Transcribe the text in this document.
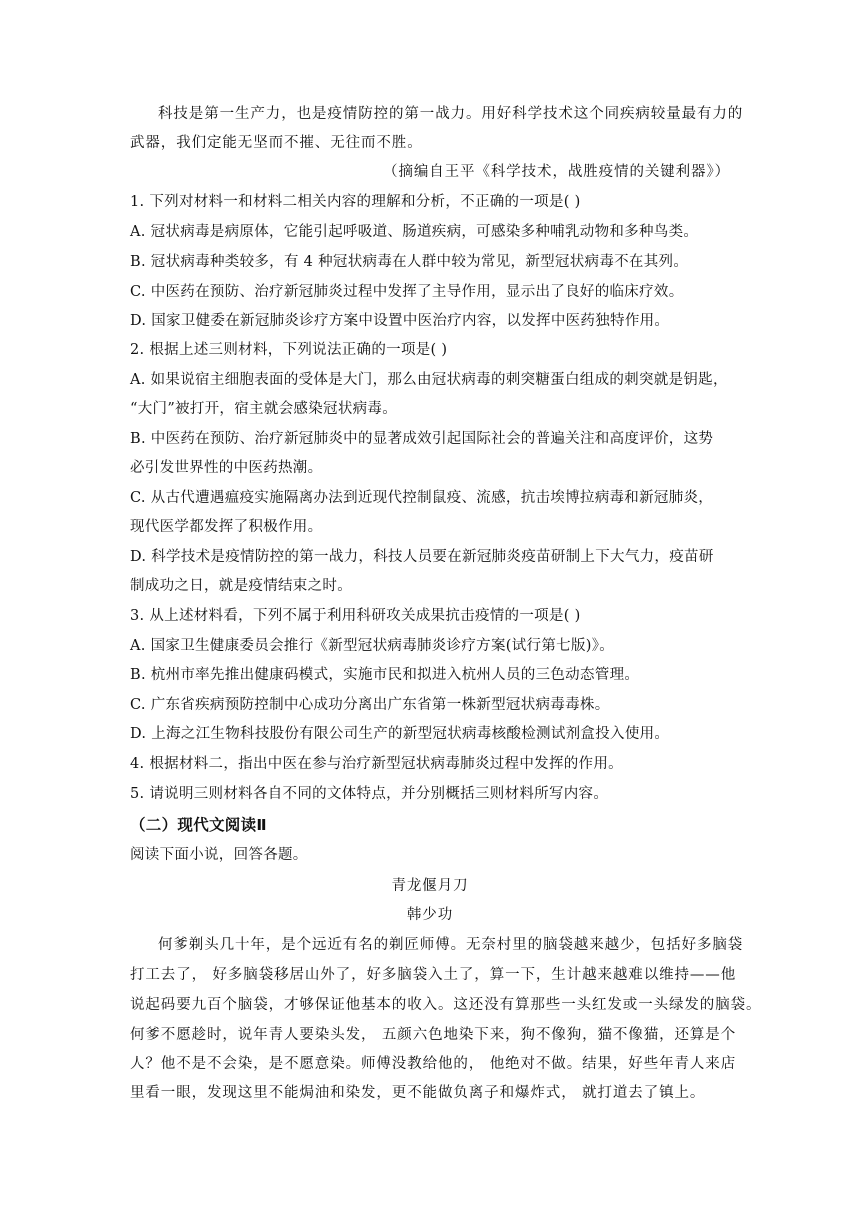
科技是第一生产力，也是疫情防控的第一战力。用好科学技术这个同疾病较量最有力的
武器，我们定能无坚而不摧、无往而不胜。
（摘编自王平《科学技术，战胜疫情的关键利器》）
1. 下列对材料一和材料二相关内容的理解和分析，不正确的一项是( )
A. 冠状病毒是病原体，它能引起呼吸道、肠道疾病，可感染多种哺乳动物和多种鸟类。
B. 冠状病毒种类较多，有 4 种冠状病毒在人群中较为常见，新型冠状病毒不在其列。
C. 中医药在预防、治疗新冠肺炎过程中发挥了主导作用，显示出了良好的临床疗效。
D. 国家卫健委在新冠肺炎诊疗方案中设置中医治疗内容，以发挥中医药独特作用。
2. 根据上述三则材料，下列说法正确的一项是( )
A. 如果说宿主细胞表面的受体是大门，那么由冠状病毒的刺突糖蛋白组成的刺突就是钥匙，
“大门”被打开，宿主就会感染冠状病毒。
B. 中医药在预防、治疗新冠肺炎中的显著成效引起国际社会的普遍关注和高度评价，这势
必引发世界性的中医药热潮。
C. 从古代遭遇瘟疫实施隔离办法到近现代控制鼠疫、流感，抗击埃博拉病毒和新冠肺炎，
现代医学都发挥了积极作用。
D. 科学技术是疫情防控的第一战力，科技人员要在新冠肺炎疫苗研制上下大气力，疫苗研
制成功之日，就是疫情结束之时。
3. 从上述材料看，下列不属于利用科研攻关成果抗击疫情的一项是( )
A. 国家卫生健康委员会推行《新型冠状病毒肺炎诊疗方案(试行第七版)》。
B. 杭州市率先推出健康码模式，实施市民和拟进入杭州人员的三色动态管理。
C. 广东省疾病预防控制中心成功分离出广东省第一株新型冠状病毒毒株。
D. 上海之江生物科技股份有限公司生产的新型冠状病毒核酸检测试剂盒投入使用。
4. 根据材料二，指出中医在参与治疗新型冠状病毒肺炎过程中发挥的作用。
5. 请说明三则材料各自不同的文体特点，并分别概括三则材料所写内容。
（二）现代文阅读Ⅱ
阅读下面小说，回答各题。
青龙偃月刀
韩少功
何爹剃头几十年，是个远近有名的剃匠师傅。无奈村里的脑袋越来越少，包括好多脑袋
打工去了， 好多脑袋移居山外了，好多脑袋入土了，算一下，生计越来越难以维持——他
说起码要九百个脑袋，才够保证他基本的收入。这还没有算那些一头红发或一头绿发的脑袋。
何爹不愿趁时，说年青人要染头发， 五颜六色地染下来，狗不像狗，猫不像猫，还算是个
人？他不是不会染，是不愿意染。师傅没教给他的， 他绝对不做。结果，好些年青人来店
里看一眼，发现这里不能焗油和染发，更不能做负离子和爆炸式， 就打道去了镇上。
